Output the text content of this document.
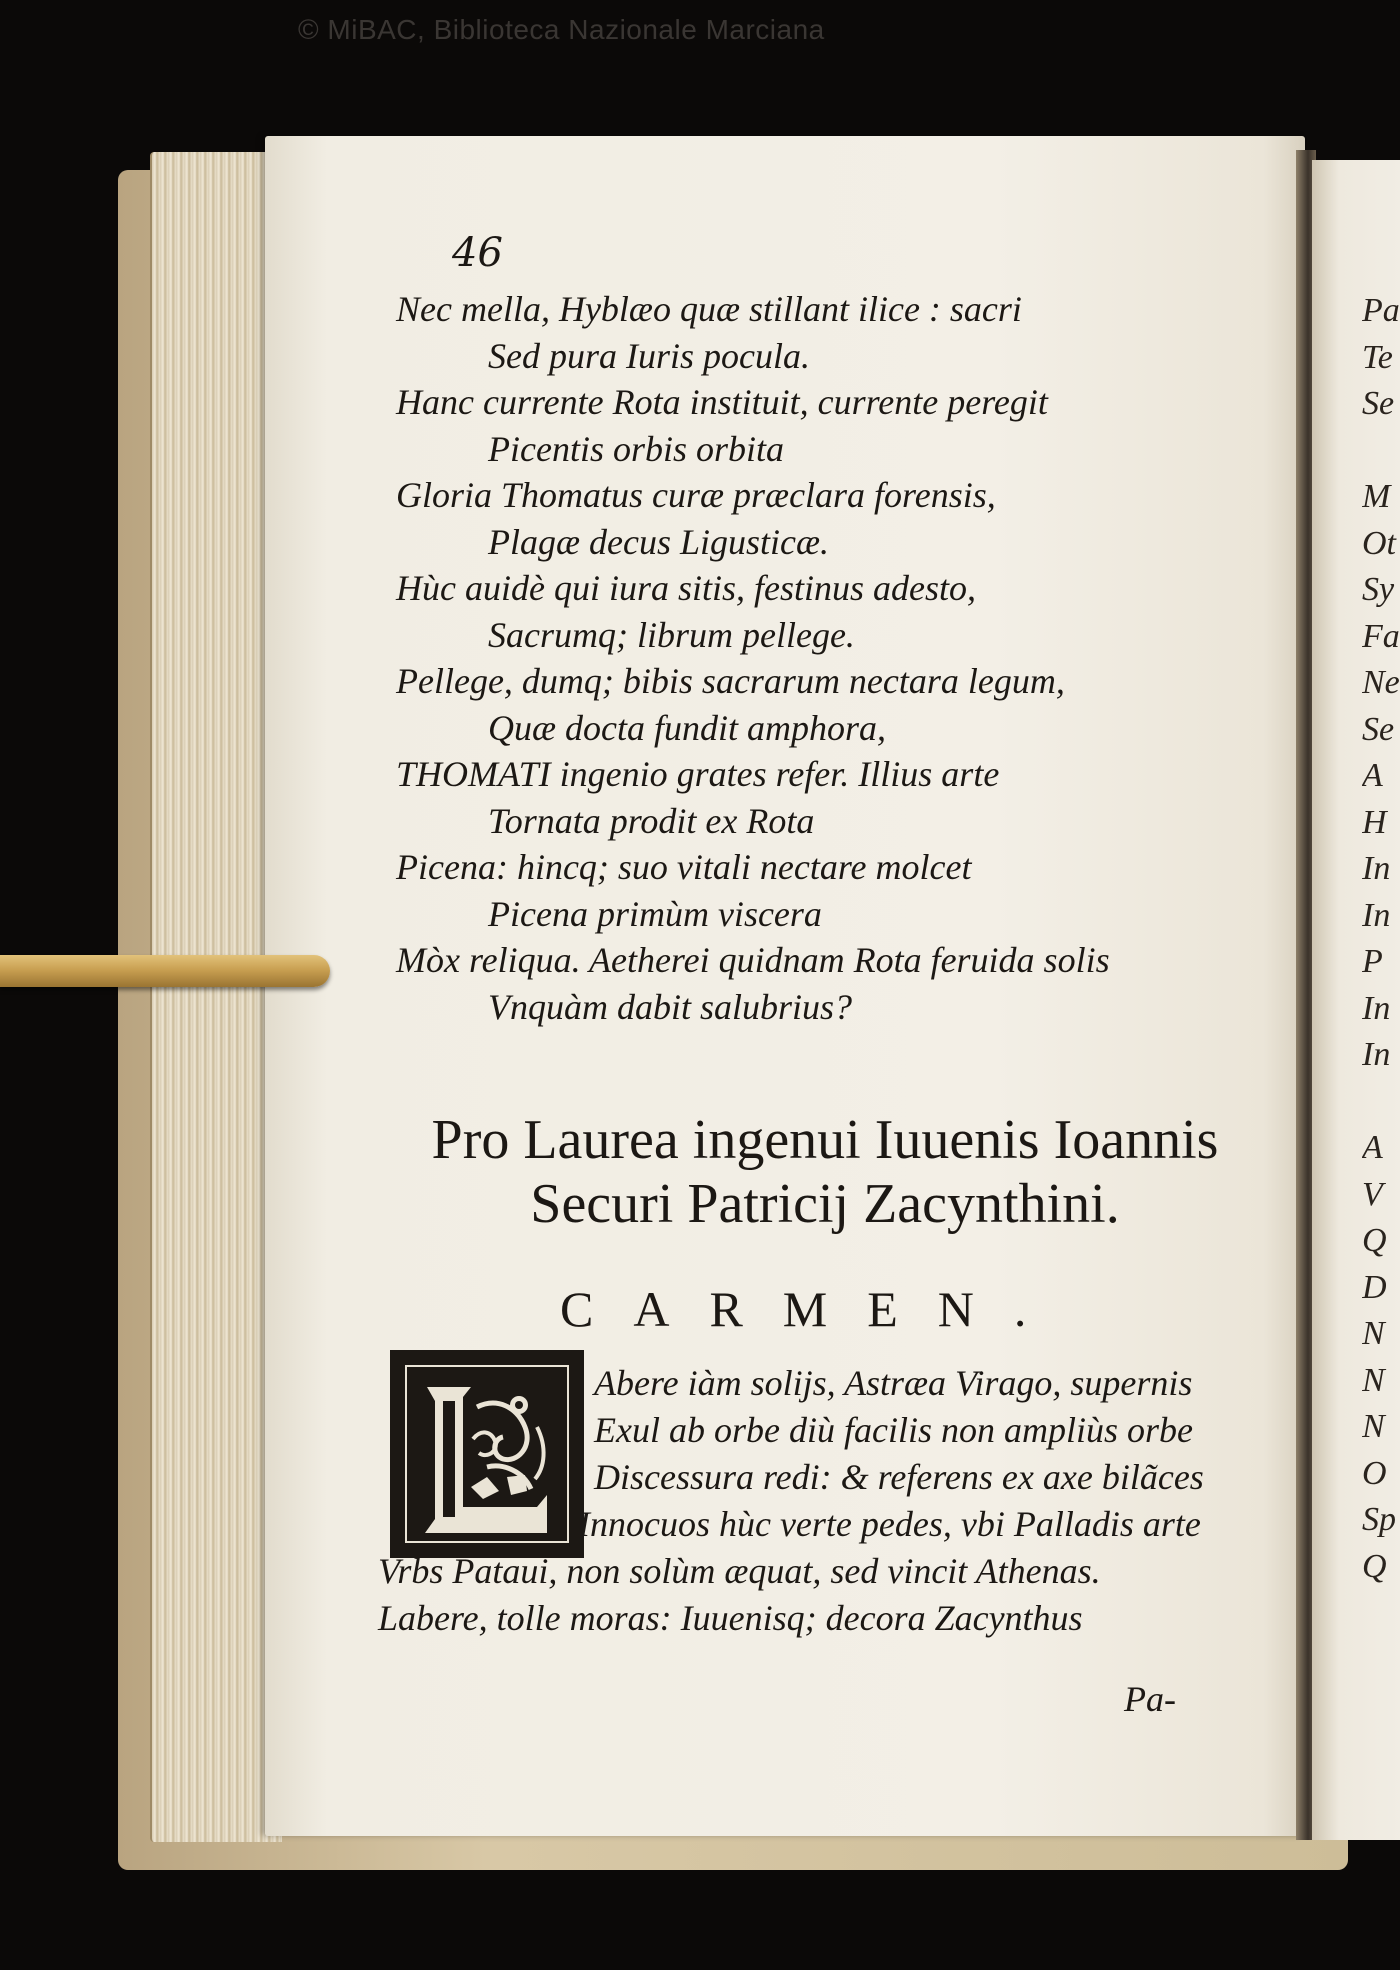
© MiBAC, Biblioteca Nazionale Marciana
46

Nec mella, Hyblæo quæ stillant ilice : sacri

Sed pura Iuris pocula.

Hanc currente Rota instituit, currente peregit

Picentis orbis orbita

Gloria Thomatus curæ præclara forensis,

Plagæ decus Ligusticæ.

Hùc auidè qui iura sitis, festinus adesto,

Sacrumq; librum pellege.

Pellege, dumq; bibis sacrarum nectara legum,

Quæ docta fundit amphora,

THOMATI ingenio grates refer. Illius arte

Tornata prodit ex Rota

Picena: hincq; suo vitali nectare molcet

Picena primùm viscera

Mòx reliqua. Aetherei quidnam Rota feruida solis

Vnquàm dabit salubrius?

Pro Laurea ingenui Iuuenis Ioannis
Securi Patricij Zacynthini.
CARMEN.

Abere iàm solijs, Astræa Virago, supernis

Exul ab orbe diù facilis non ampliùs orbe

Discessura redi: & referens ex axe bilãces

Innocuos hùc verte pedes, vbi Palladis arte

Vrbs Pataui, non solùm æquat, sed vincit Athenas.

Labere, tolle moras: Iuuenisq; decora Zacynthus

Pa-
Pa
Te
Se
M
Ot
Sy
Fa
Ne
Se
A
H
In
In
P
In
In
A
V
Q
D
N
N
N
O
Sp
Q
